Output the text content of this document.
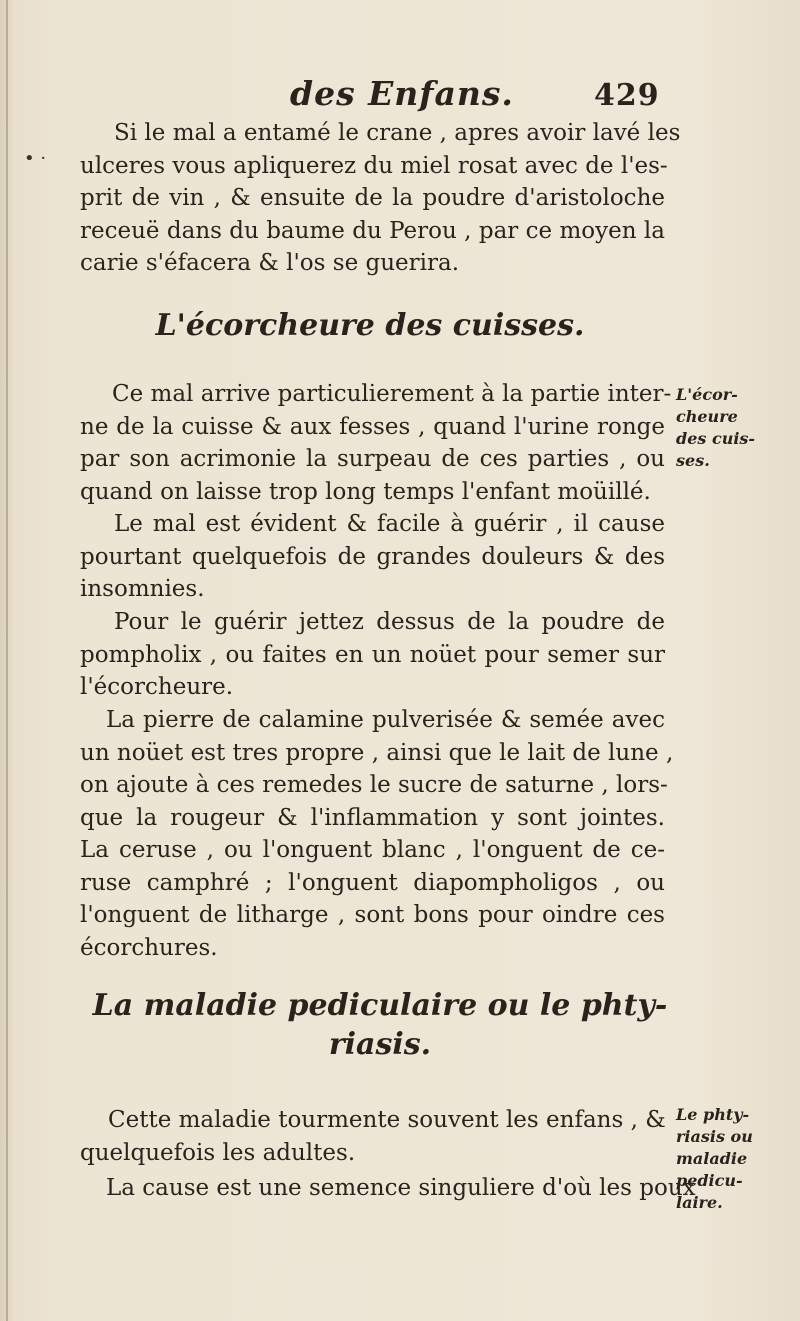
des Enfans.	429
• ·
Si le mal a entamé le crane , apres avoir lavé les
ulceres vous apliquerez du miel rosat avec de l'es-
prit de vin , & ensuite de la poudre d'aristoloche
receuë dans du baume du Perou , par ce moyen la
carie s'éfacera & l'os se guerira.
L'écorcheure des cuisses.
L'écor-
cheure
des cuis-
ses.
Ce mal arrive particulierement à la partie inter-
ne de la cuisse & aux fesses , quand l'urine ronge
par son acrimonie la surpeau de ces parties , ou
quand on laisse trop long temps l'enfant moüillé.
Le mal est évident & facile à guérir , il cause
pourtant quelquefois de grandes douleurs & des
insomnies.
Pour le guérir jettez dessus de la poudre de
pompholix , ou faites en un noüet pour semer sur
l'écorcheure.
La pierre de calamine pulverisée & semée avec
un noüet est tres propre , ainsi que le lait de lune ,
on ajoute à ces remedes le sucre de saturne , lors-
que la rougeur & l'inflammation y sont jointes.
La ceruse , ou l'onguent blanc , l'onguent de ce-
ruse camphré ; l'onguent diapompholigos , ou
l'onguent de litharge , sont bons pour oindre ces
écorchures.
La maladie pediculaire ou le phty-
riasis.
Le phty-
riasis ou
maladie
pedicu-
laire.
Cette maladie tourmente souvent les enfans , &
quelquefois les adultes.
La cause est une semence singuliere d'où les poux
